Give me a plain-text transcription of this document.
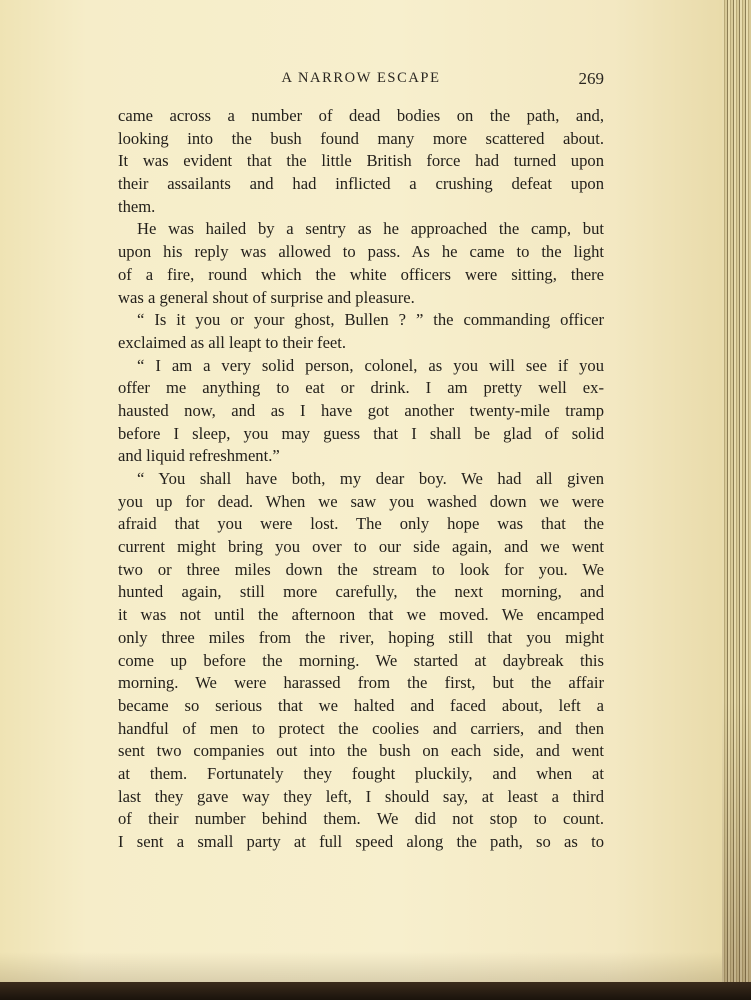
A NARROW ESCAPE	269
came across a number of dead bodies on the path, and,
looking into the bush found many more scattered about.
It was evident that the little British force had turned upon
their assailants and had inflicted a crushing defeat upon
them.
He was hailed by a sentry as he approached the camp, but
upon his reply was allowed to pass. As he came to the light
of a fire, round which the white officers were sitting, there
was a general shout of surprise and pleasure.
“ Is it you or your ghost, Bullen ? ” the commanding officer
exclaimed as all leapt to their feet.
“ I am a very solid person, colonel, as you will see if you
offer me anything to eat or drink. I am pretty well ex-
hausted now, and as I have got another twenty-mile tramp
before I sleep, you may guess that I shall be glad of solid
and liquid refreshment.”
“ You shall have both, my dear boy. We had all given
you up for dead. When we saw you washed down we were
afraid that you were lost. The only hope was that the
current might bring you over to our side again, and we went
two or three miles down the stream to look for you. We
hunted again, still more carefully, the next morning, and
it was not until the afternoon that we moved. We encamped
only three miles from the river, hoping still that you might
come up before the morning. We started at daybreak this
morning. We were harassed from the first, but the affair
became so serious that we halted and faced about, left a
handful of men to protect the coolies and carriers, and then
sent two companies out into the bush on each side, and went
at them. Fortunately they fought pluckily, and when at
last they gave way they left, I should say, at least a third
of their number behind them. We did not stop to count.
I sent a small party at full speed along the path, so as to
